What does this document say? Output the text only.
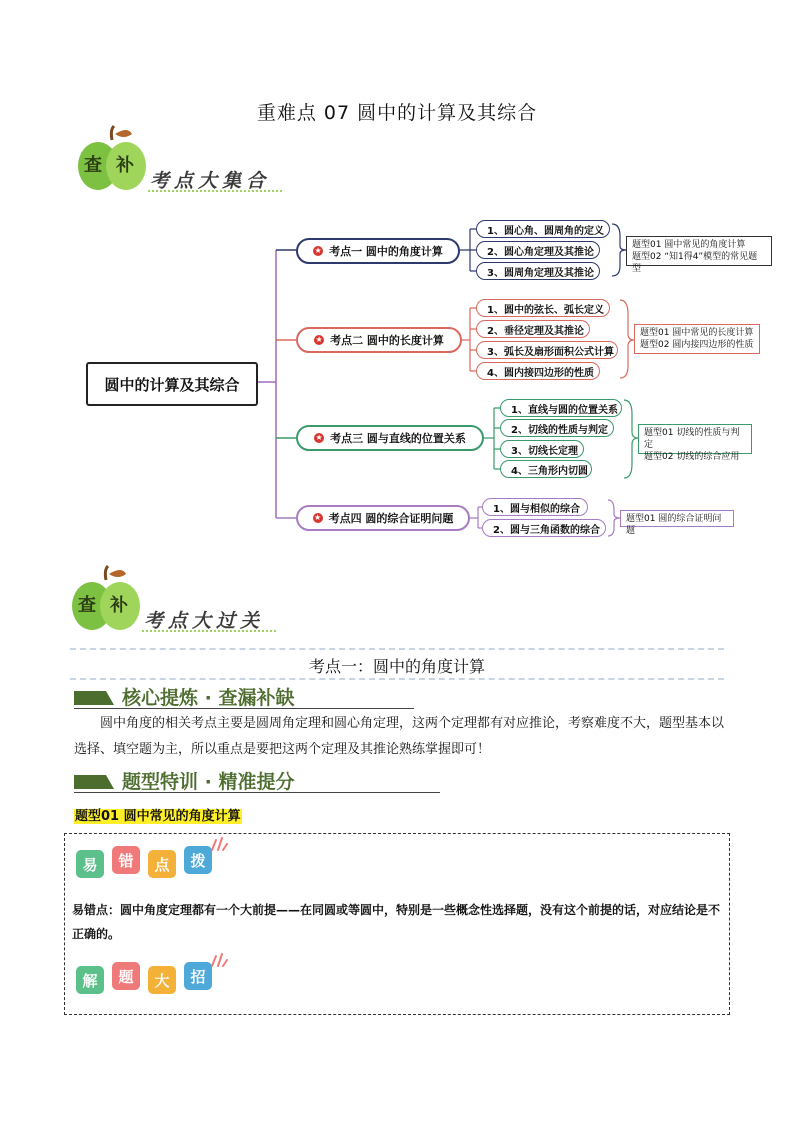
重难点 07 圆中的计算及其综合
查 补
考点大集合
圆中的计算及其综合
★ 考点一 圆中的角度计算
★ 考点二 圆中的长度计算
★ 考点三 圆与直线的位置关系
★ 考点四 圆的综合证明问题
1、圆心角、圆周角的定义
2、圆心角定理及其推论
3、圆周角定理及其推论
题型01 圆中常见的角度计算
题型02 “知1得4”模型的常见题型
1、圆中的弦长、弧长定义
2、垂径定理及其推论
3、弧长及扇形面积公式计算
4、圆内接四边形的性质
题型01 圆中常见的长度计算
题型02 圆内接四边形的性质
1、直线与圆的位置关系
2、切线的性质与判定
3、切线长定理
4、三角形内切圆
题型01 切线的性质与判定
题型02 切线的综合应用
1、圆与相似的综合
2、圆与三角函数的综合
题型01 圆的综合证明问题
查 补
考点大过关
考点一：圆中的角度计算
核心提炼 · 查漏补缺
圆中角度的相关考点主要是圆周角定理和圆心角定理，这两个定理都有对应推论，考察难度不大，题型基本以选择、填空题为主，所以重点是要把这两个定理及其推论熟练掌握即可！
题型特训 · 精准提分
题型01 圆中常见的角度计算
易	错	点	拨
易错点：圆中角度定理都有一个大前提——在同圆或等圆中，特别是一些概念性选择题，没有这个前提的话，对应结论是不正确的。
解	题	大	招
